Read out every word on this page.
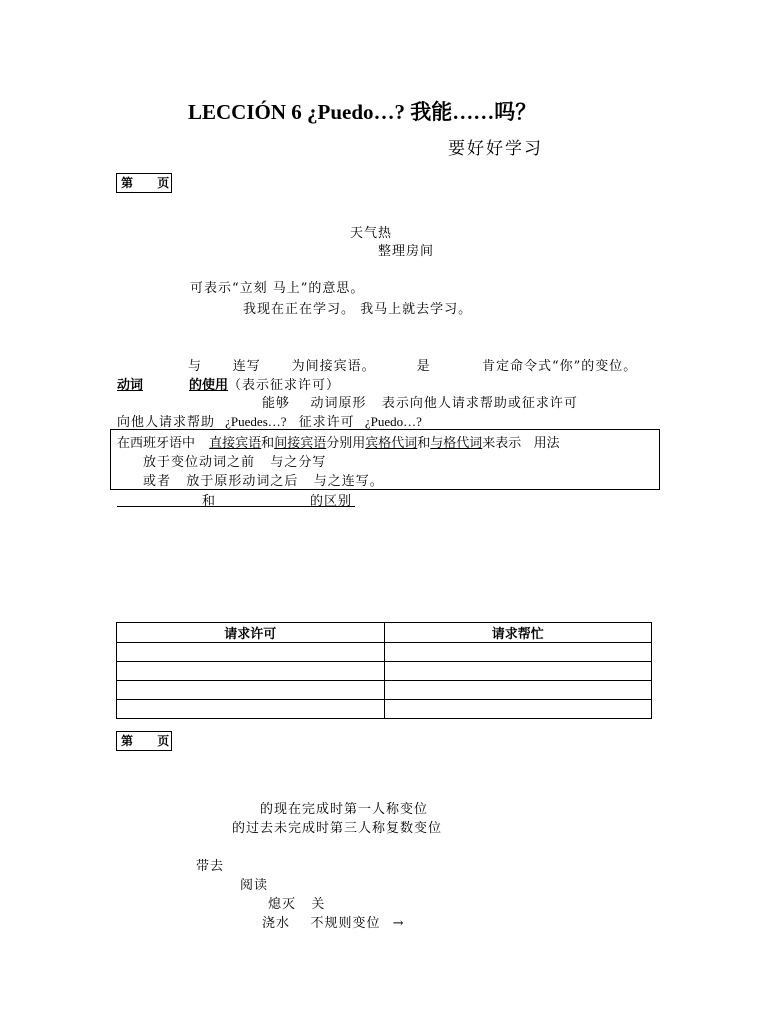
LECCIÓN 6 ¿Puedo…? 我能……吗？
要好好学习
第 页
天气热
整理房间
可表示“立刻 马上”的意思。
我现在正在学习。 我马上就去学习。
与      连写      为间接宾语。        是          肯定命令式“你”的变位。
动词	的使用（表示征求许可）
能够    动词原形   表示向他人请求帮助或征求许可
向他人请求帮助 ¿Puedes…? 征求许可 ¿Puedo…?
在西班牙语中 直接宾语和间接宾语分别用宾格代词和与格代词来表示   用法
放于变位动词之前   与之分写
或者   放于原形动词之后   与之连写。
和	的区别
请求许可	请求帮忙

第 页
的现在完成时第一人称变位
的过去未完成时第三人称复数变位
带去
阅读
熄灭   关
浇水    不规则变位 →
